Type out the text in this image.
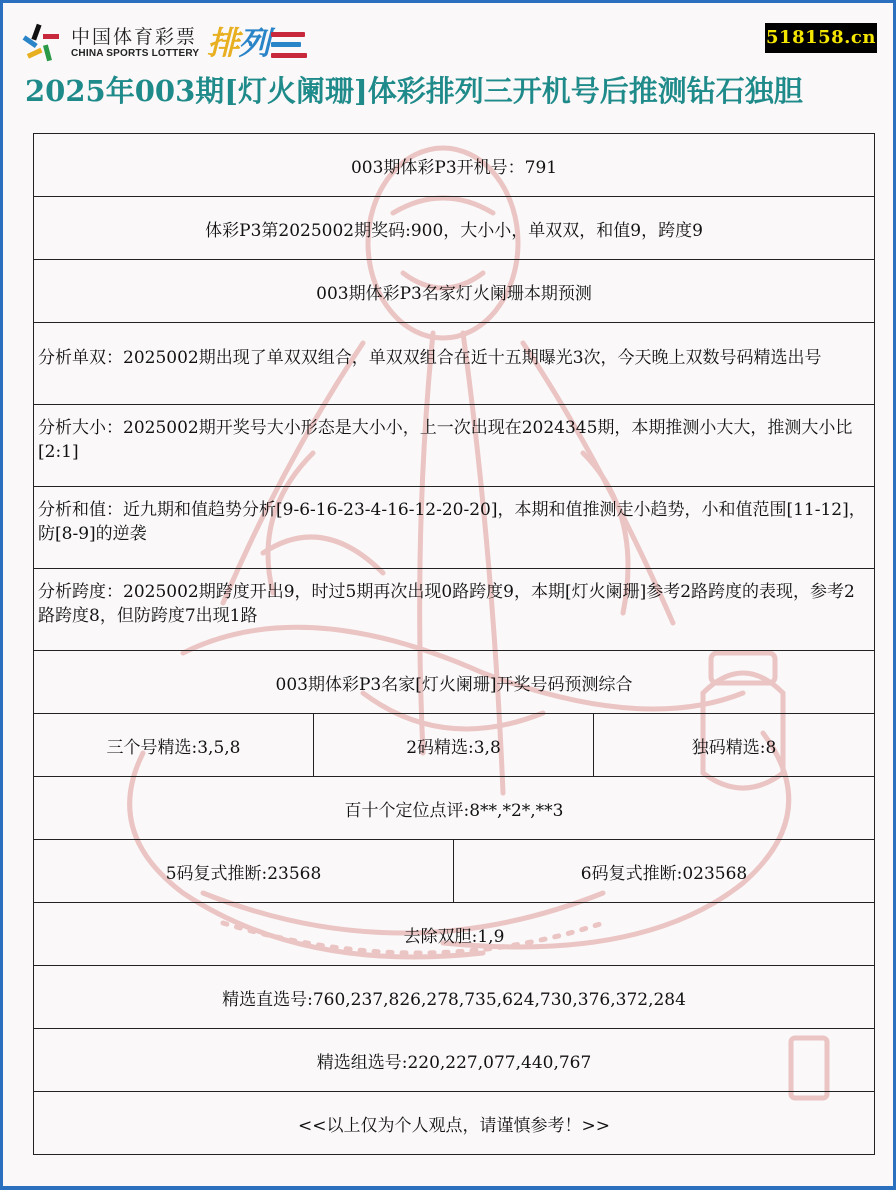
中国体育彩票
CHINA SPORTS LOTTERY 排列	518158.cn
2025年003期[灯火阑珊]体彩排列三开机号后推测钻石独胆
003期体彩P3开机号：791			
体彩P3第2025002期奖码:900，大小小，单双双，和值9，跨度9			
003期体彩P3名家灯火阑珊本期预测			
分析单双：2025002期出现了单双双组合，单双双组合在近十五期曝光3次，今天晚上双数号码精选出号			
分析大小：2025002期开奖号大小形态是大小小，上一次出现在2024345期，本期推测小大大，推测大小比[2:1]			
分析和值：近九期和值趋势分析[9-6-16-23-4-16-12-20-20]，本期和值推测走小趋势，小和值范围[11-12]，防[8-9]的逆袭			
分析跨度：2025002期跨度开出9，时过5期再次出现0路跨度9，本期[灯火阑珊]参考2路跨度的表现，参考2路跨度8，但防跨度7出现1路			
003期体彩P3名家[灯火阑珊]开奖号码预测综合			
三个号精选:3,5,8	2码精选:3,8		独码精选:8
百十个定位点评:8**,*2*,**3			
5码复式推断:23568		6码复式推断:023568	
去除双胆:1,9			
精选直选号:760,237,826,278,735,624,730,376,372,284			
精选组选号:220,227,077,440,767			
<<以上仅为个人观点，请谨慎参考！>>			
